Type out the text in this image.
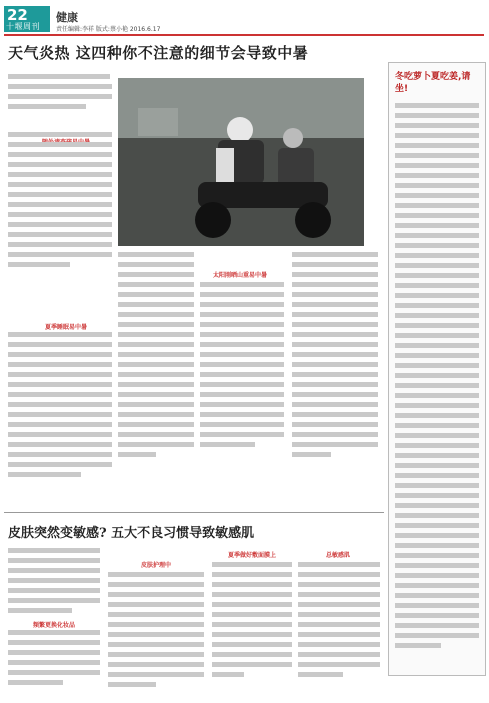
22
十堰周刊
健康
责任编辑:李祥 版式:蔡小艳 2016.6.17
天气炎热 这四种你不注意的细节会导致中暑
夏季睡眠易中暑
太阳刚晒山重易中暑
冬吃萝卜夏吃姜,请坐!
皮肤突然变敏感? 五大不良习惯导致敏感肌
频繁更换化妆品
皮肤护理中
夏季做好敷面膜上	总敏感肌
